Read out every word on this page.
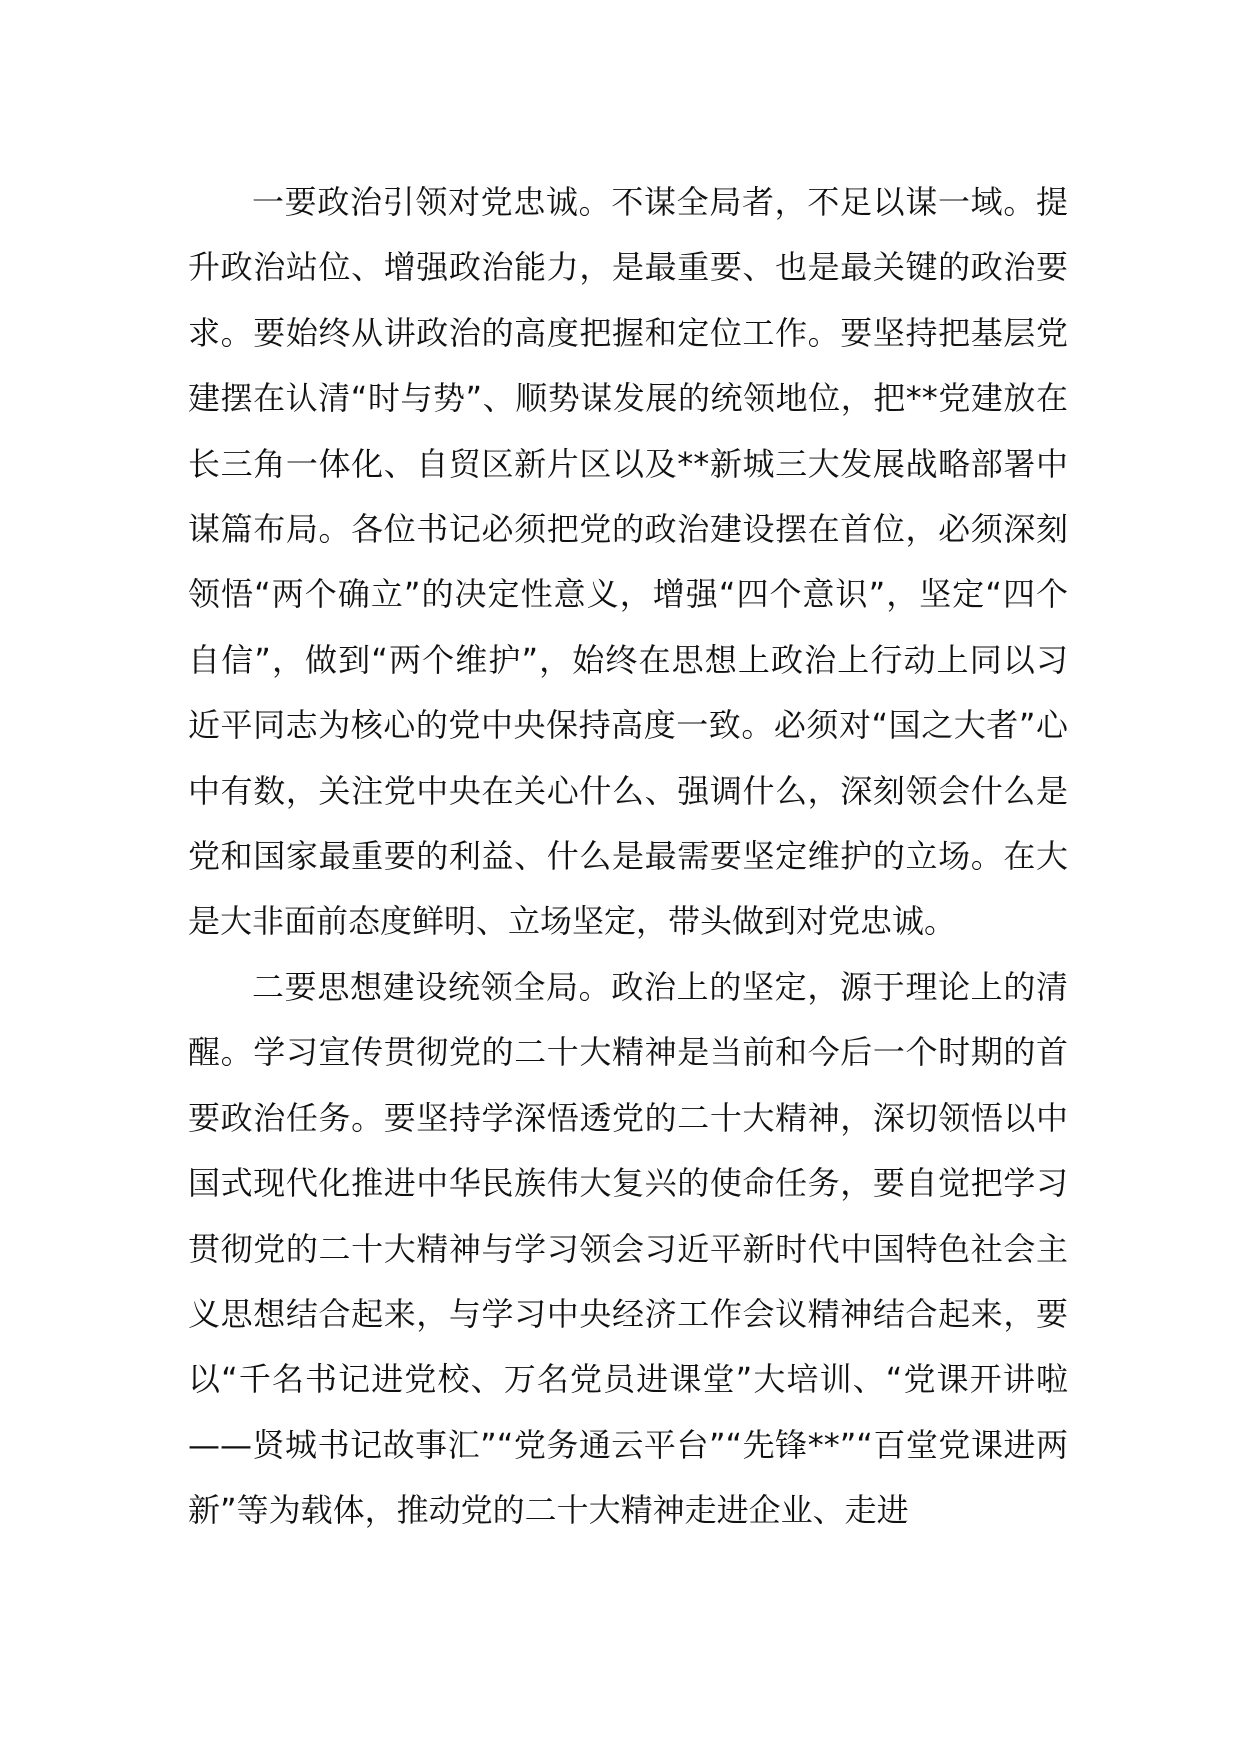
一要政治引领对党忠诚。不谋全局者，不足以谋一域。提升政治站位、增强政治能力，是最重要、也是最关键的政治要求。要始终从讲政治的高度把握和定位工作。要坚持把基层党建摆在认清“时与势”、顺势谋发展的统领地位，把**党建放在长三角一体化、自贸区新片区以及**新城三大发展战略部署中谋篇布局。各位书记必须把党的政治建设摆在首位，必须深刻领悟“两个确立”的决定性意义，增强“四个意识”，坚定“四个自信”，做到“两个维护”，始终在思想上政治上行动上同以习近平同志为核心的党中央保持高度一致。必须对“国之大者”心中有数，关注党中央在关心什么、强调什么，深刻领会什么是党和国家最重要的利益、什么是最需要坚定维护的立场。在大是大非面前态度鲜明、立场坚定，带头做到对党忠诚。

二要思想建设统领全局。政治上的坚定，源于理论上的清醒。学习宣传贯彻党的二十大精神是当前和今后一个时期的首要政治任务。要坚持学深悟透党的二十大精神，深切领悟以中国式现代化推进中华民族伟大复兴的使命任务，要自觉把学习贯彻党的二十大精神与学习领会习近平新时代中国特色社会主义思想结合起来，与学习中央经济工作会议精神结合起来，要以“千名书记进党校、万名党员进课堂”大培训、“党课开讲啦——贤城书记故事汇”“党务通云平台”“先锋**”“百堂党课进两新”等为载体，推动党的二十大精神走进企业、走进
